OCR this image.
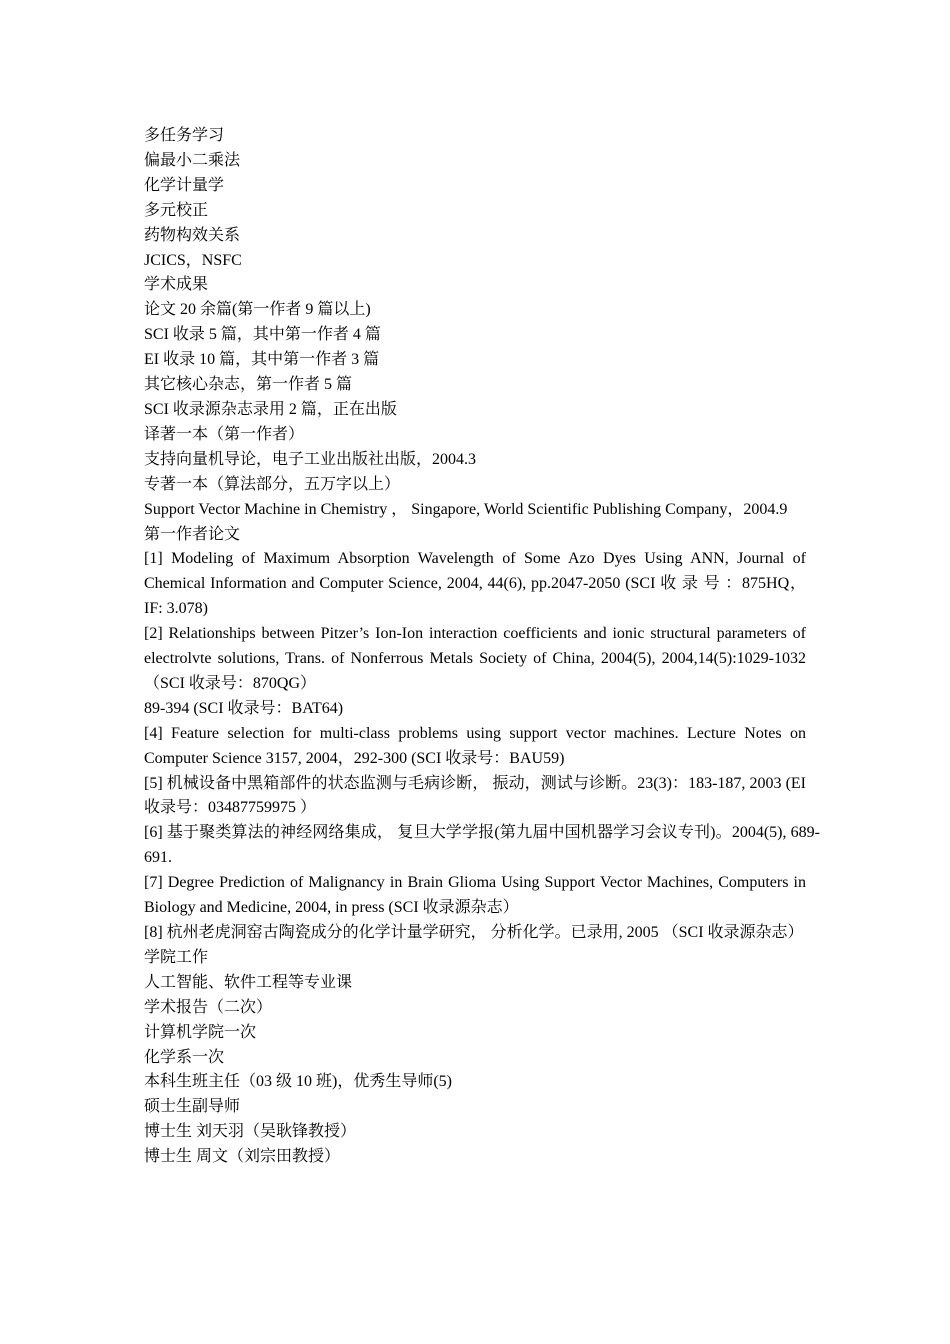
多任务学习

偏最小二乘法

化学计量学

多元校正

药物构效关系

JCICS，NSFC

学术成果

论文 20 余篇(第一作者 9 篇以上)

SCI 收录 5 篇，其中第一作者 4 篇

EI 收录 10 篇，其中第一作者 3 篇

其它核心杂志，第一作者 5 篇

SCI 收录源杂志录用 2 篇，正在出版

译著一本（第一作者）

支持向量机导论，电子工业出版社出版，2004.3

专著一本（算法部分，五万字以上）

Support Vector Machine in Chemistry ， Singapore, World Scientific Publishing Company，2004.9

第一作者论文

[1] Modeling of Maximum Absorption Wavelength of Some Azo Dyes Using ANN, Journal of Chemical Information and Computer Science, 2004, 44(6), pp.2047-2050 (SCI 收 录 号 ：875HQ，IF: 3.078)

[2] Relationships between Pitzer’s Ion-Ion interaction coefficients and ionic structural parameters of electrolvte solutions, Trans. of Nonferrous Metals Society of China, 2004(5), 2004,14(5):1029-1032 （SCI 收录号：870QG）

89-394 (SCI 收录号：BAT64)

[4] Feature selection for multi-class problems using support vector machines. Lecture Notes on Computer Science 3157, 2004，292-300 (SCI 收录号：BAU59)

[5] 机械设备中黑箱部件的状态监测与毛病诊断， 振动，测试与诊断。23(3)：183-187, 2003 (EI 收录号：03487759975 ）

[6] 基于聚类算法的神经网络集成， 复旦大学学报(第九届中国机器学习会议专刊)。2004(5), 689-691.

[7] Degree Prediction of Malignancy in Brain Glioma Using Support Vector Machines, Computers in Biology and Medicine, 2004, in press (SCI 收录源杂志）

[8] 杭州老虎洞窑古陶瓷成分的化学计量学研究， 分析化学。已录用, 2005 （SCI 收录源杂志）

学院工作

人工智能、软件工程等专业课

学术报告（二次）

计算机学院一次

化学系一次

本科生班主任（03 级 10 班)，优秀生导师(5)

硕士生副导师

博士生 刘天羽（吴耿锋教授）

博士生 周文（刘宗田教授）
